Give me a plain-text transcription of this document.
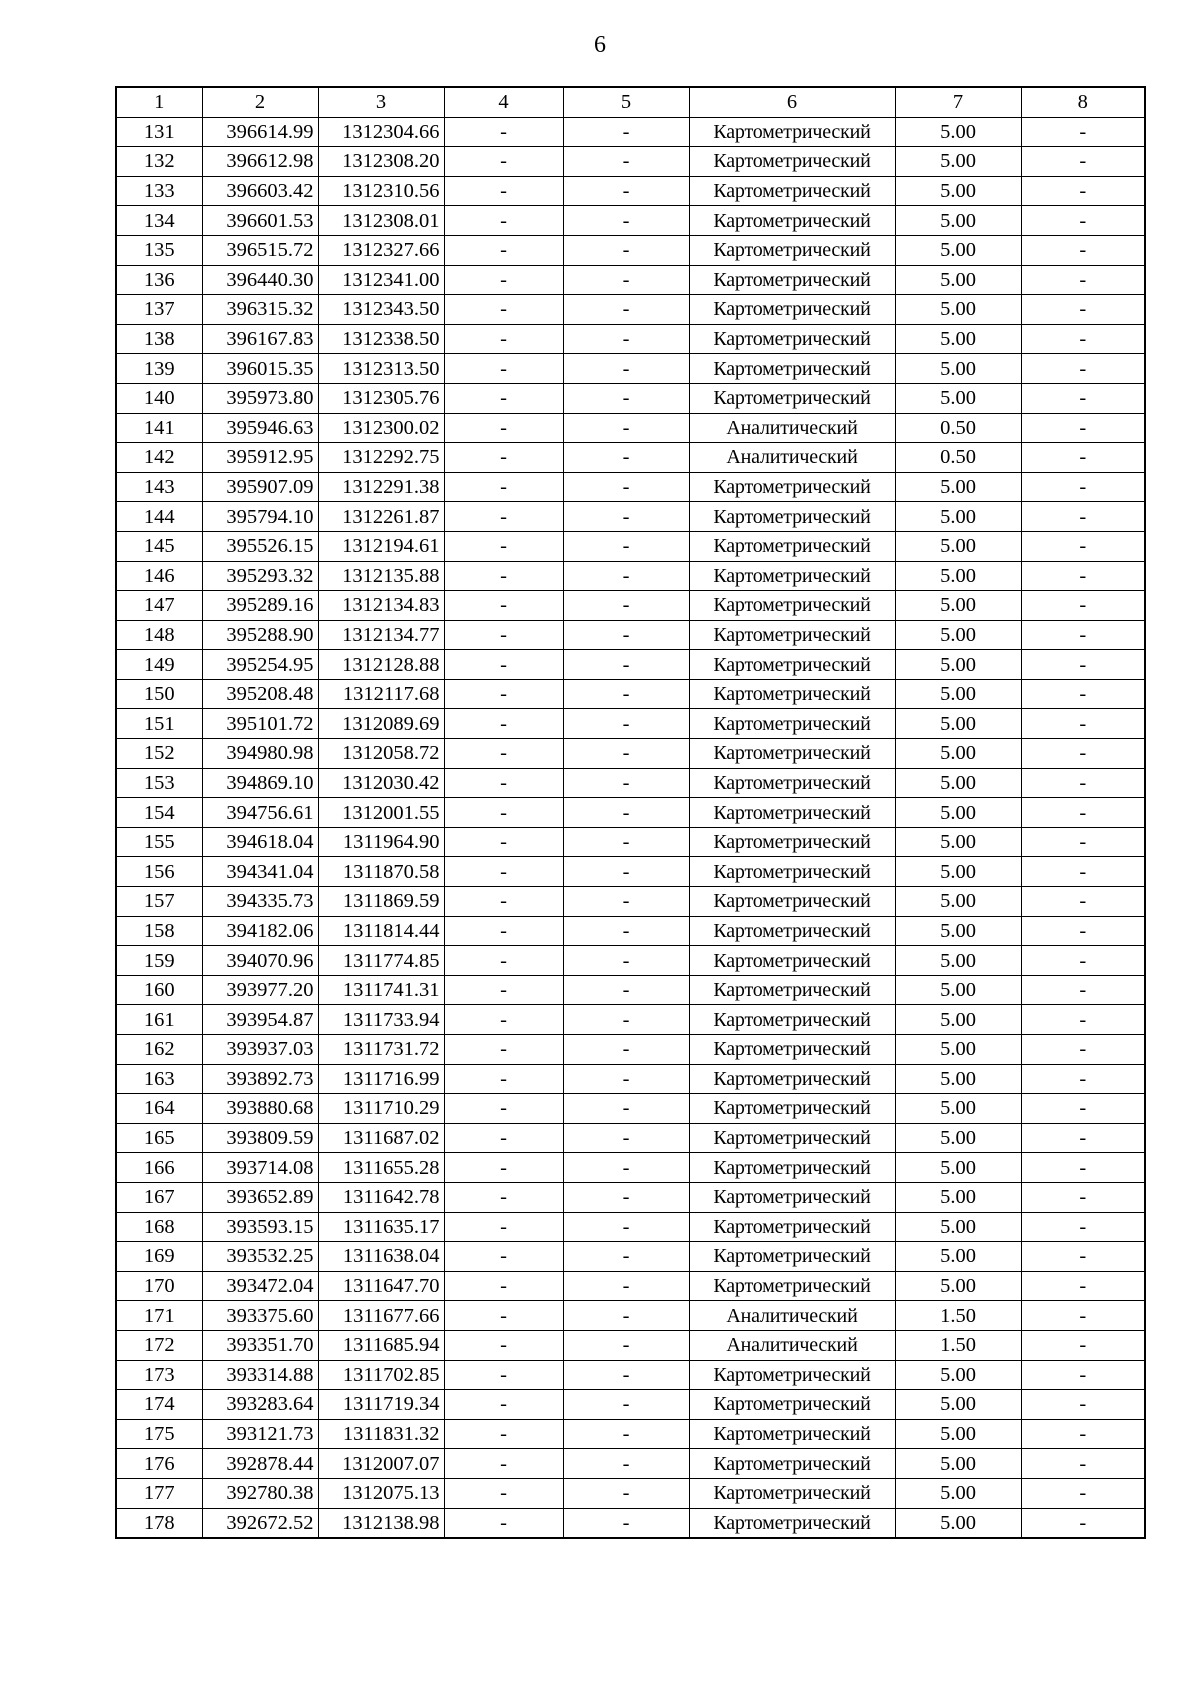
6
1	2	3	4	5	6	7	8
131	396614.99	1312304.66	-	-	Картометрический	5.00	-
132	396612.98	1312308.20	-	-	Картометрический	5.00	-
133	396603.42	1312310.56	-	-	Картометрический	5.00	-
134	396601.53	1312308.01	-	-	Картометрический	5.00	-
135	396515.72	1312327.66	-	-	Картометрический	5.00	-
136	396440.30	1312341.00	-	-	Картометрический	5.00	-
137	396315.32	1312343.50	-	-	Картометрический	5.00	-
138	396167.83	1312338.50	-	-	Картометрический	5.00	-
139	396015.35	1312313.50	-	-	Картометрический	5.00	-
140	395973.80	1312305.76	-	-	Картометрический	5.00	-
141	395946.63	1312300.02	-	-	Аналитический	0.50	-
142	395912.95	1312292.75	-	-	Аналитический	0.50	-
143	395907.09	1312291.38	-	-	Картометрический	5.00	-
144	395794.10	1312261.87	-	-	Картометрический	5.00	-
145	395526.15	1312194.61	-	-	Картометрический	5.00	-
146	395293.32	1312135.88	-	-	Картометрический	5.00	-
147	395289.16	1312134.83	-	-	Картометрический	5.00	-
148	395288.90	1312134.77	-	-	Картометрический	5.00	-
149	395254.95	1312128.88	-	-	Картометрический	5.00	-
150	395208.48	1312117.68	-	-	Картометрический	5.00	-
151	395101.72	1312089.69	-	-	Картометрический	5.00	-
152	394980.98	1312058.72	-	-	Картометрический	5.00	-
153	394869.10	1312030.42	-	-	Картометрический	5.00	-
154	394756.61	1312001.55	-	-	Картометрический	5.00	-
155	394618.04	1311964.90	-	-	Картометрический	5.00	-
156	394341.04	1311870.58	-	-	Картометрический	5.00	-
157	394335.73	1311869.59	-	-	Картометрический	5.00	-
158	394182.06	1311814.44	-	-	Картометрический	5.00	-
159	394070.96	1311774.85	-	-	Картометрический	5.00	-
160	393977.20	1311741.31	-	-	Картометрический	5.00	-
161	393954.87	1311733.94	-	-	Картометрический	5.00	-
162	393937.03	1311731.72	-	-	Картометрический	5.00	-
163	393892.73	1311716.99	-	-	Картометрический	5.00	-
164	393880.68	1311710.29	-	-	Картометрический	5.00	-
165	393809.59	1311687.02	-	-	Картометрический	5.00	-
166	393714.08	1311655.28	-	-	Картометрический	5.00	-
167	393652.89	1311642.78	-	-	Картометрический	5.00	-
168	393593.15	1311635.17	-	-	Картометрический	5.00	-
169	393532.25	1311638.04	-	-	Картометрический	5.00	-
170	393472.04	1311647.70	-	-	Картометрический	5.00	-
171	393375.60	1311677.66	-	-	Аналитический	1.50	-
172	393351.70	1311685.94	-	-	Аналитический	1.50	-
173	393314.88	1311702.85	-	-	Картометрический	5.00	-
174	393283.64	1311719.34	-	-	Картометрический	5.00	-
175	393121.73	1311831.32	-	-	Картометрический	5.00	-
176	392878.44	1312007.07	-	-	Картометрический	5.00	-
177	392780.38	1312075.13	-	-	Картометрический	5.00	-
178	392672.52	1312138.98	-	-	Картометрический	5.00	-
